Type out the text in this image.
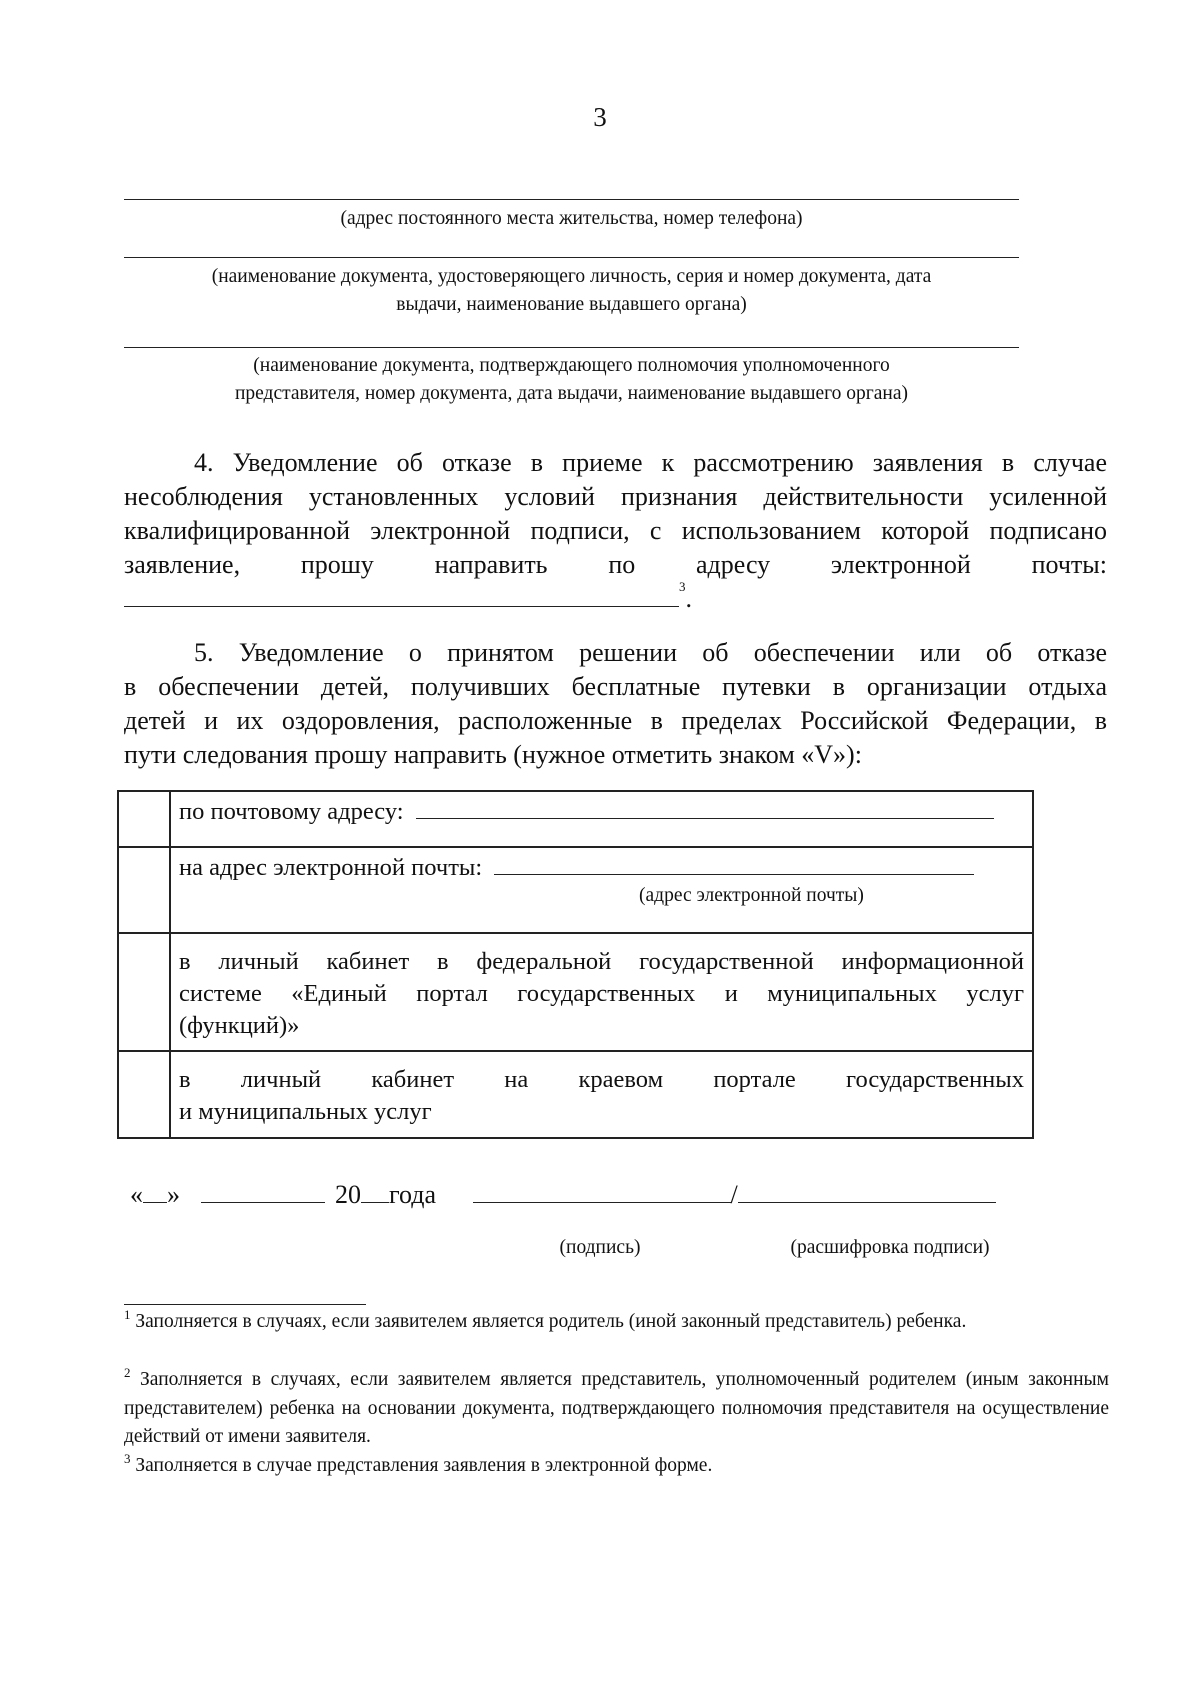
3
(адрес постоянного места жительства, номер телефона)
(наименование документа, удостоверяющего личность, серия и номер документа, дата
выдачи, наименование выдавшего органа)
(наименование документа, подтверждающего полномочия уполномоченного
представителя, номер документа, дата выдачи, наименование выдавшего органа)
4. Уведомление об отказе в приеме к рассмотрению заявления в случае
несоблюдения установленных условий признания действительности усиленной
квалифицированной электронной подписи, с использованием которой подписано
заявление, прошу направить по адресу электронной почты:
$^3$.
5. Уведомление о принятом решении об обеспечении или об отказе
в обеспечении детей, получивших бесплатные путевки в организации отдыха
детей и их оздоровления, расположенные в пределах Российской Федерации, в
пути следования прошу направить (нужное отметить знаком «V»):
	по почтовому адресу:

	на адрес электронной почты:
(адрес электронной почты)

	в личный кабинет в федеральной государственной информационной
системе «Единый портал государственных и муниципальных услуг
(функций)»

	в личный кабинет на краевом портале государственных
и муниципальных услуг
« »	20 года	/
(подпись)	(расшифровка подписи)
$^1$ Заполняется в случаях, если заявителем является родитель (иной законный представитель) ребенка.
$^2$ Заполняется в случаях, если заявителем является представитель, уполномоченный родителем (иным законным представителем) ребенка на основании документа, подтверждающего полномочия представителя на осуществление действий от имени заявителя.
$^3$ Заполняется в случае представления заявления в электронной форме.
